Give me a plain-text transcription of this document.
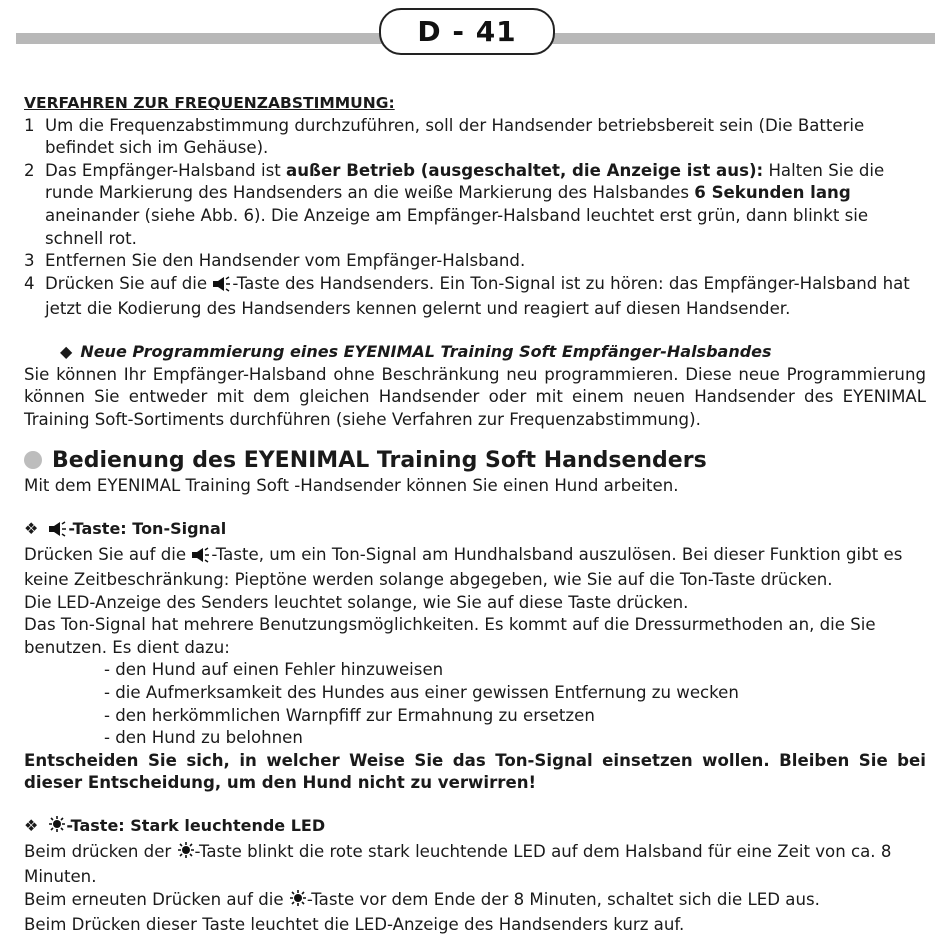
D - 41

VERFAHREN ZUR FREQUENZABSTIMMUNG:

1 Um die Frequenzabstimmung durchzuführen, soll der Handsender betriebsbereit sein (Die Batterie befindet sich im Gehäuse).
2 Das Empfänger-Halsband ist außer Betrieb (ausgeschaltet, die Anzeige ist aus): Halten Sie die runde Markierung des Handsenders an die weiße Markierung des Halsbandes 6 Sekunden lang aneinander (siehe Abb. 6). Die Anzeige am Empfänger-Halsband leuchtet erst grün, dann blinkt sie schnell rot.
3 Entfernen Sie den Handsender vom Empfänger-Halsband.
4 Drücken Sie auf die -Taste des Handsenders. Ein Ton-Signal ist zu hören: das Empfänger-Halsband hat jetzt die Kodierung des Handsenders kennen gelernt und reagiert auf diesen Handsender.
◆ Neue Programmierung eines EYENIMAL Training Soft Empfänger-Halsbandes
Sie können Ihr Empfänger-Halsband ohne Beschränkung neu programmieren. Diese neue Programmierung können Sie entweder mit dem gleichen Handsender oder mit einem neuen Handsender des EYENIMAL Training Soft-Sortiments durchführen (siehe Verfahren zur Frequenzabstimmung).
Bedienung des EYENIMAL Training Soft Handsenders
Mit dem EYENIMAL Training Soft -Handsender können Sie einen Hund arbeiten.
❖ -Taste: Ton-Signal
Drücken Sie auf die -Taste, um ein Ton-Signal am Hundhalsband auszulösen. Bei dieser Funktion gibt es keine Zeitbeschränkung: Pieptöne werden solange abgegeben, wie Sie auf die Ton-Taste drücken.
Die LED-Anzeige des Senders leuchtet solange, wie Sie auf diese Taste drücken.
Das Ton-Signal hat mehrere Benutzungsmöglichkeiten. Es kommt auf die Dressurmethoden an, die Sie benutzen. Es dient dazu:
- den Hund auf einen Fehler hinzuweisen
- die Aufmerksamkeit des Hundes aus einer gewissen Entfernung zu wecken
- den herkömmlichen Warnpfiff zur Ermahnung zu ersetzen
- den Hund zu belohnen
Entscheiden Sie sich, in welcher Weise Sie das Ton-Signal einsetzen wollen. Bleiben Sie bei dieser Entscheidung, um den Hund nicht zu verwirren!
❖ -Taste: Stark leuchtende LED
Beim drücken der -Taste blinkt die rote stark leuchtende LED auf dem Halsband für eine Zeit von ca. 8 Minuten.
Beim erneuten Drücken auf die -Taste vor dem Ende der 8 Minuten, schaltet sich die LED aus.
Beim Drücken dieser Taste leuchtet die LED-Anzeige des Handsenders kurz auf.
